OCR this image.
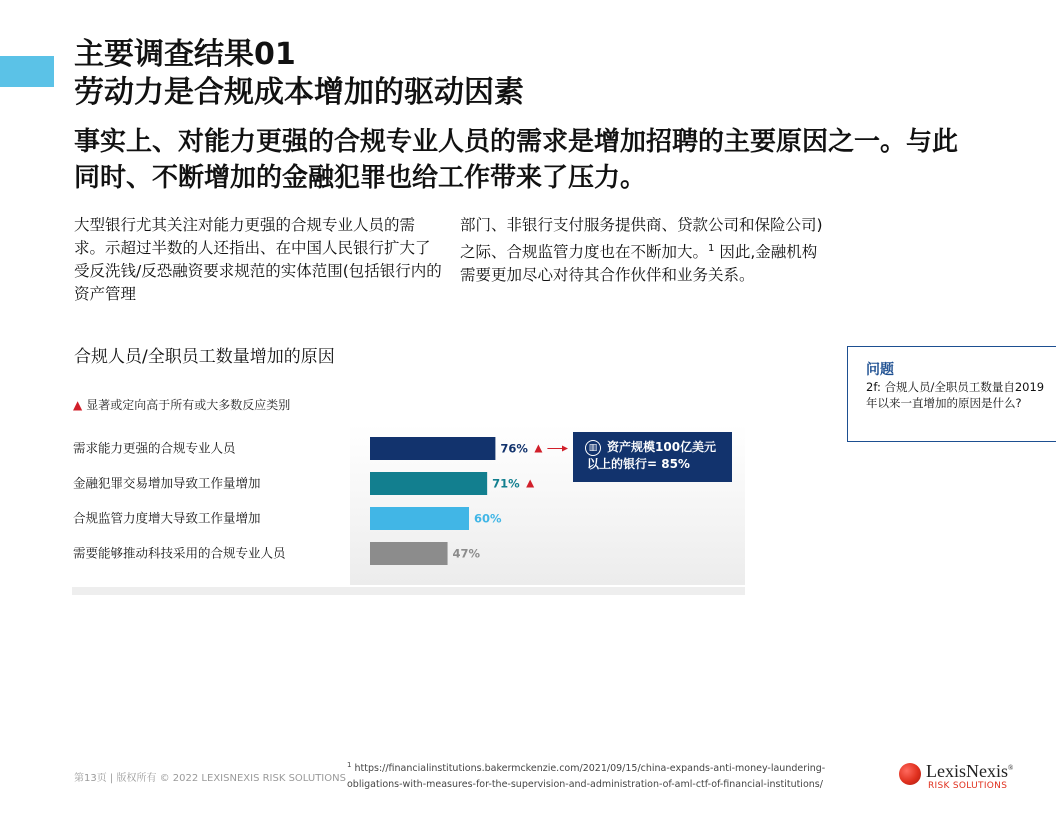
主要调查结果01
劳动力是合规成本增加的驱动因素
事实上、对能力更强的合规专业人员的需求是增加招聘的主要原因之一。与此同时、不断增加的金融犯罪也给工作带来了压力。
大型银行尤其关注对能力更强的合规专业人员的需求。示超过半数的人还指出、在中国人民银行扩大了受反洗钱/反恐融资要求规范的实体范围(包括银行内的资产管理
部门、非银行支付服务提供商、贷款公司和保险公司)之际、合规监管力度也在不断加大。$^1$ 因此,金融机构需要更加尽心对待其合作伙伴和业务关系。
合规人员/全职员工数量增加的原因
▲ 显著或定向高于所有或大多数反应类别
需求能力更强的合规专业人员	76%
金融犯罪交易增加导致工作量增加	71%
合规监管力度增大导致工作量增加	60%
需要能够推动科技采用的合规专业人员	47%
▥ 资产规模100亿美元以上的银行= 85%
问题
2f: 合规人员/全职员工数量自2019年以来一直增加的原因是什么?
第13页 | 版权所有 © 2022 LEXISNEXIS RISK SOLUTIONS
$^1$ https://financialinstitutions.bakermckenzie.com/2021/09/15/china-expands-anti-money-laundering-obligations-with-measures-for-the-supervision-and-administration-of-aml-ctf-of-financial-institutions/
LexisNexis®
RISK SOLUTIONS
